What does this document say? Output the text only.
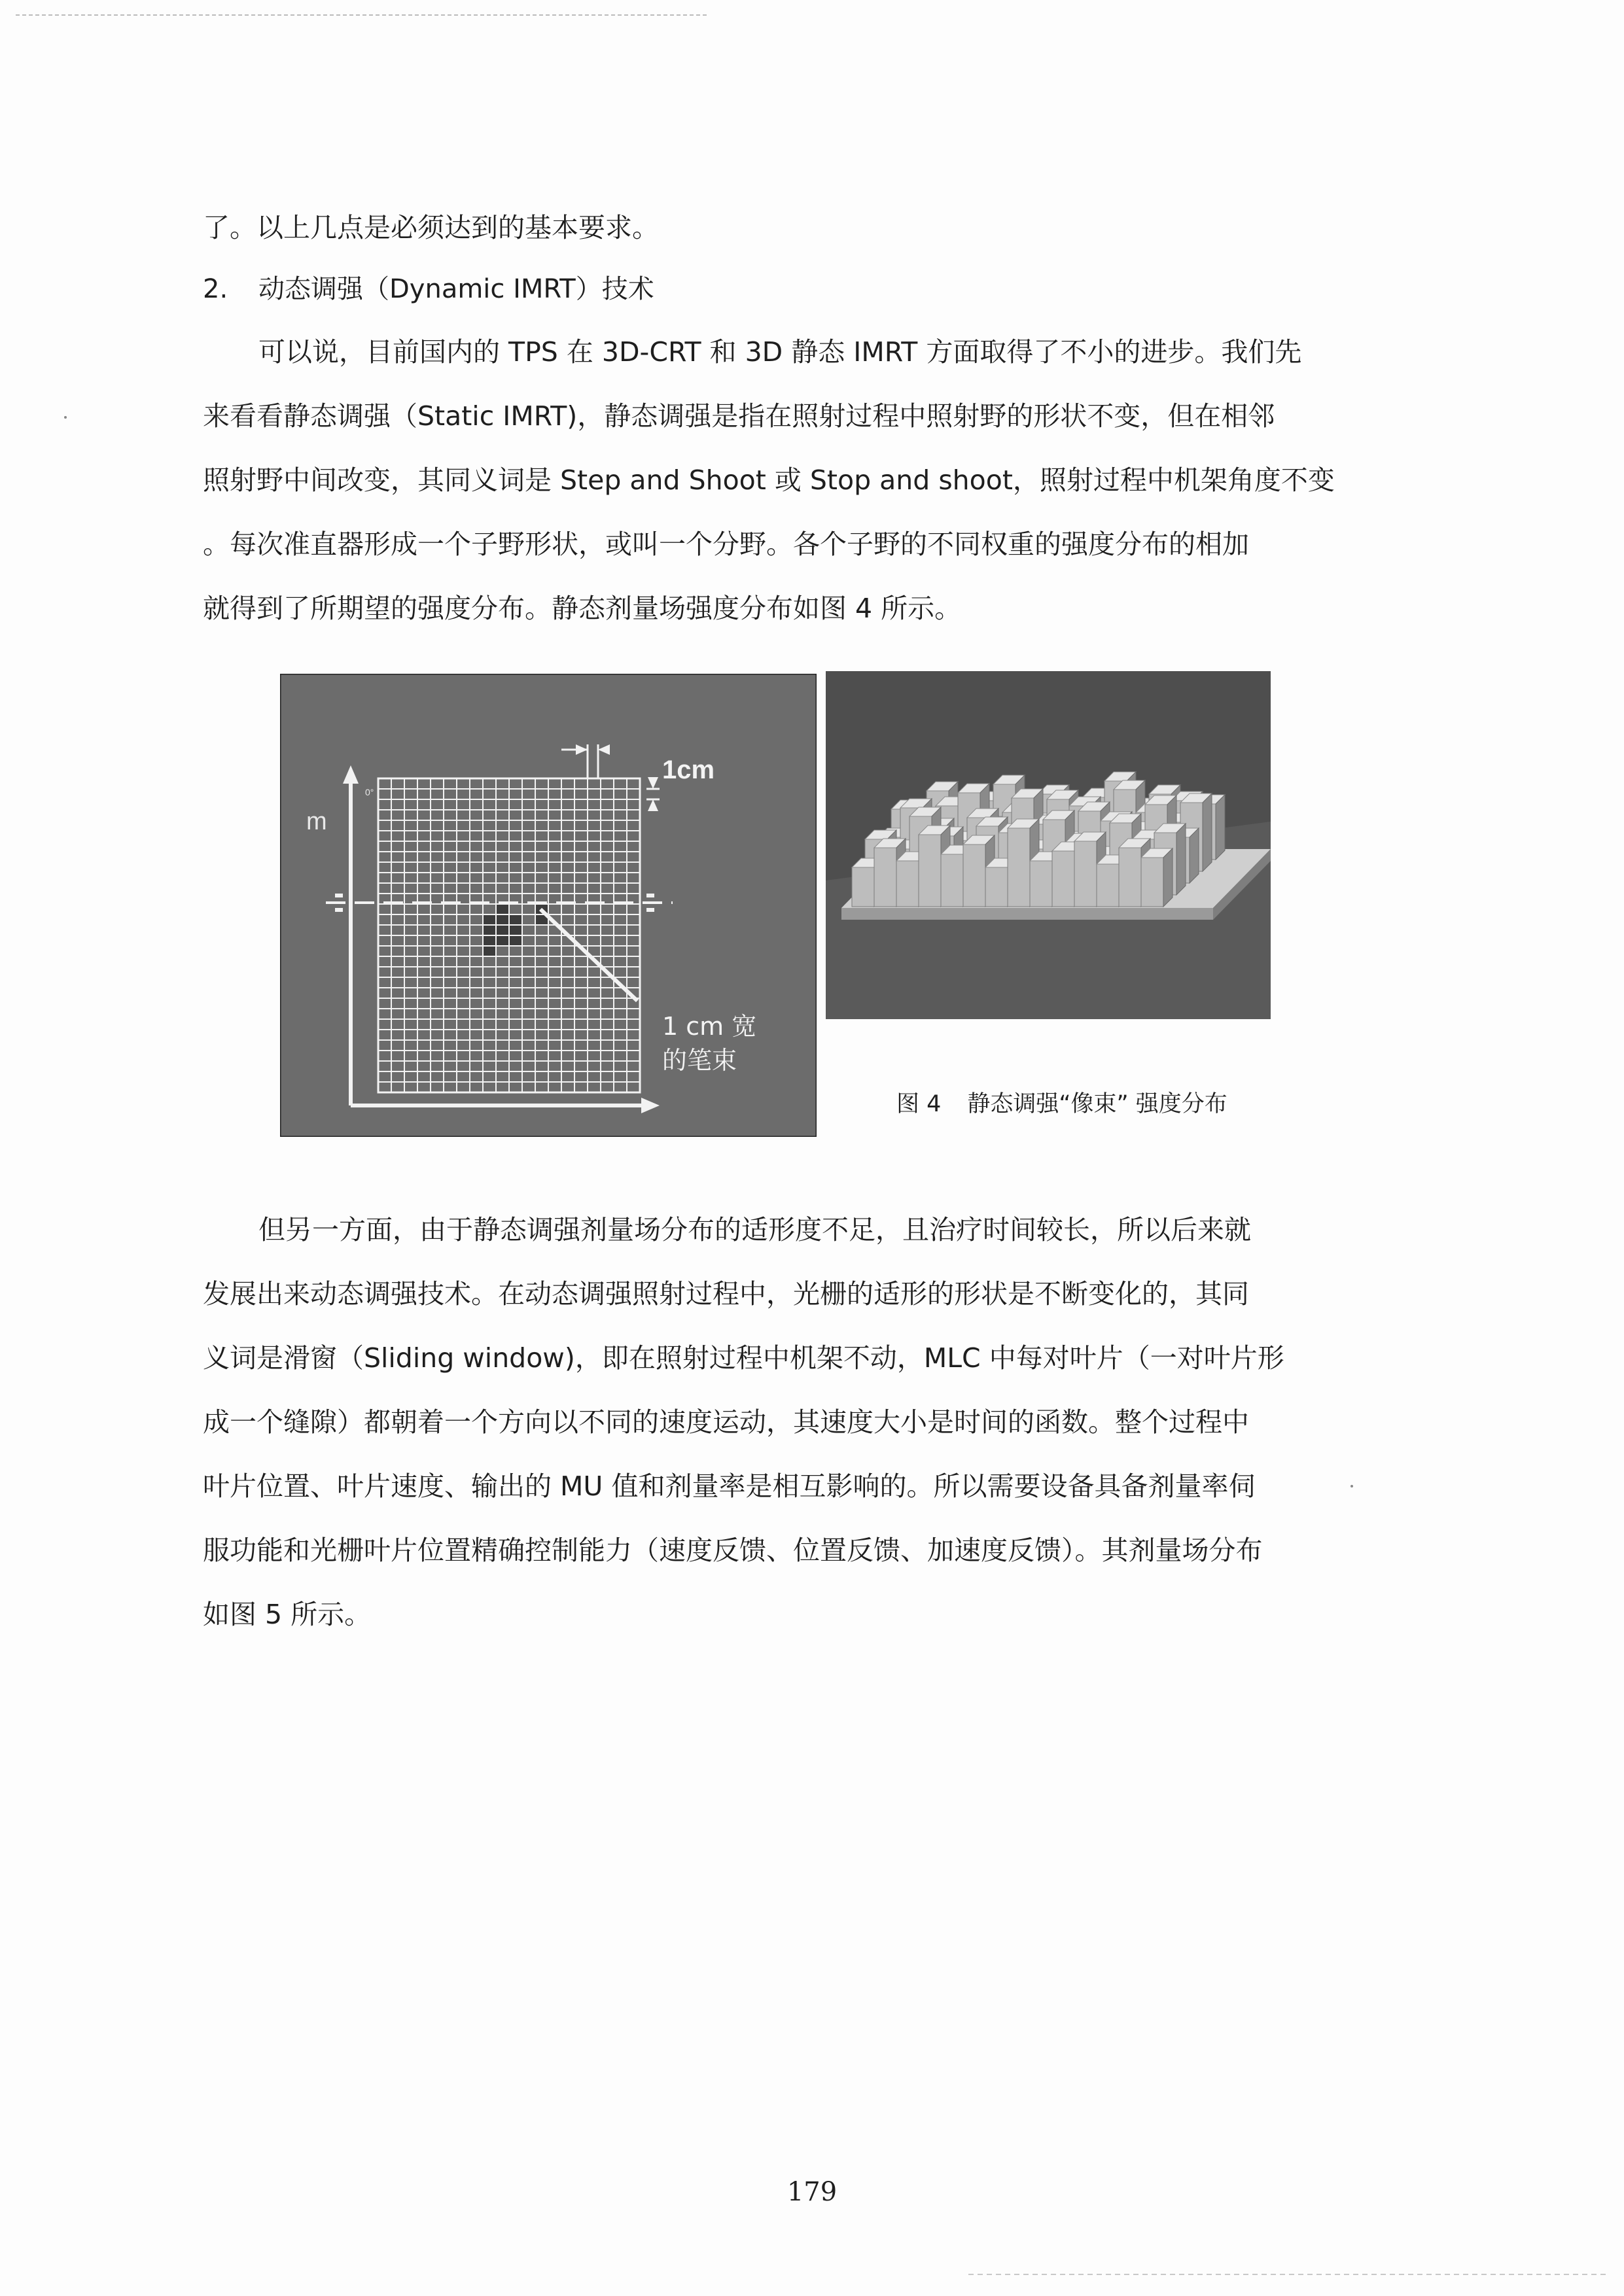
了。以上几点是必须达到的基本要求。
2. 动态调强（Dynamic IMRT）技术
可以说，目前国内的 TPS 在 3D-CRT 和 3D 静态 IMRT 方面取得了不小的进步。我们先
来看看静态调强（Static IMRT)，静态调强是指在照射过程中照射野的形状不变，但在相邻
照射野中间改变，其同义词是 Step and Shoot 或 Stop and shoot，照射过程中机架角度不变
。每次准直器形成一个子野形状，或叫一个分野。各个子野的不同权重的强度分布的相加
就得到了所期望的强度分布。静态剂量场强度分布如图 4 所示。
1cm
m
0°
1 cm 宽
的笔束
图 4 静态调强“像束” 强度分布
但另一方面，由于静态调强剂量场分布的适形度不足，且治疗时间较长，所以后来就
发展出来动态调强技术。在动态调强照射过程中，光栅的适形的形状是不断变化的，其同
义词是滑窗（Sliding window)，即在照射过程中机架不动，MLC 中每对叶片（一对叶片形
成一个缝隙）都朝着一个方向以不同的速度运动，其速度大小是时间的函数。整个过程中
叶片位置、叶片速度、输出的 MU 值和剂量率是相互影响的。所以需要设备具备剂量率伺
服功能和光栅叶片位置精确控制能力（速度反馈、位置反馈、加速度反馈）。其剂量场分布
如图 5 所示。
179
